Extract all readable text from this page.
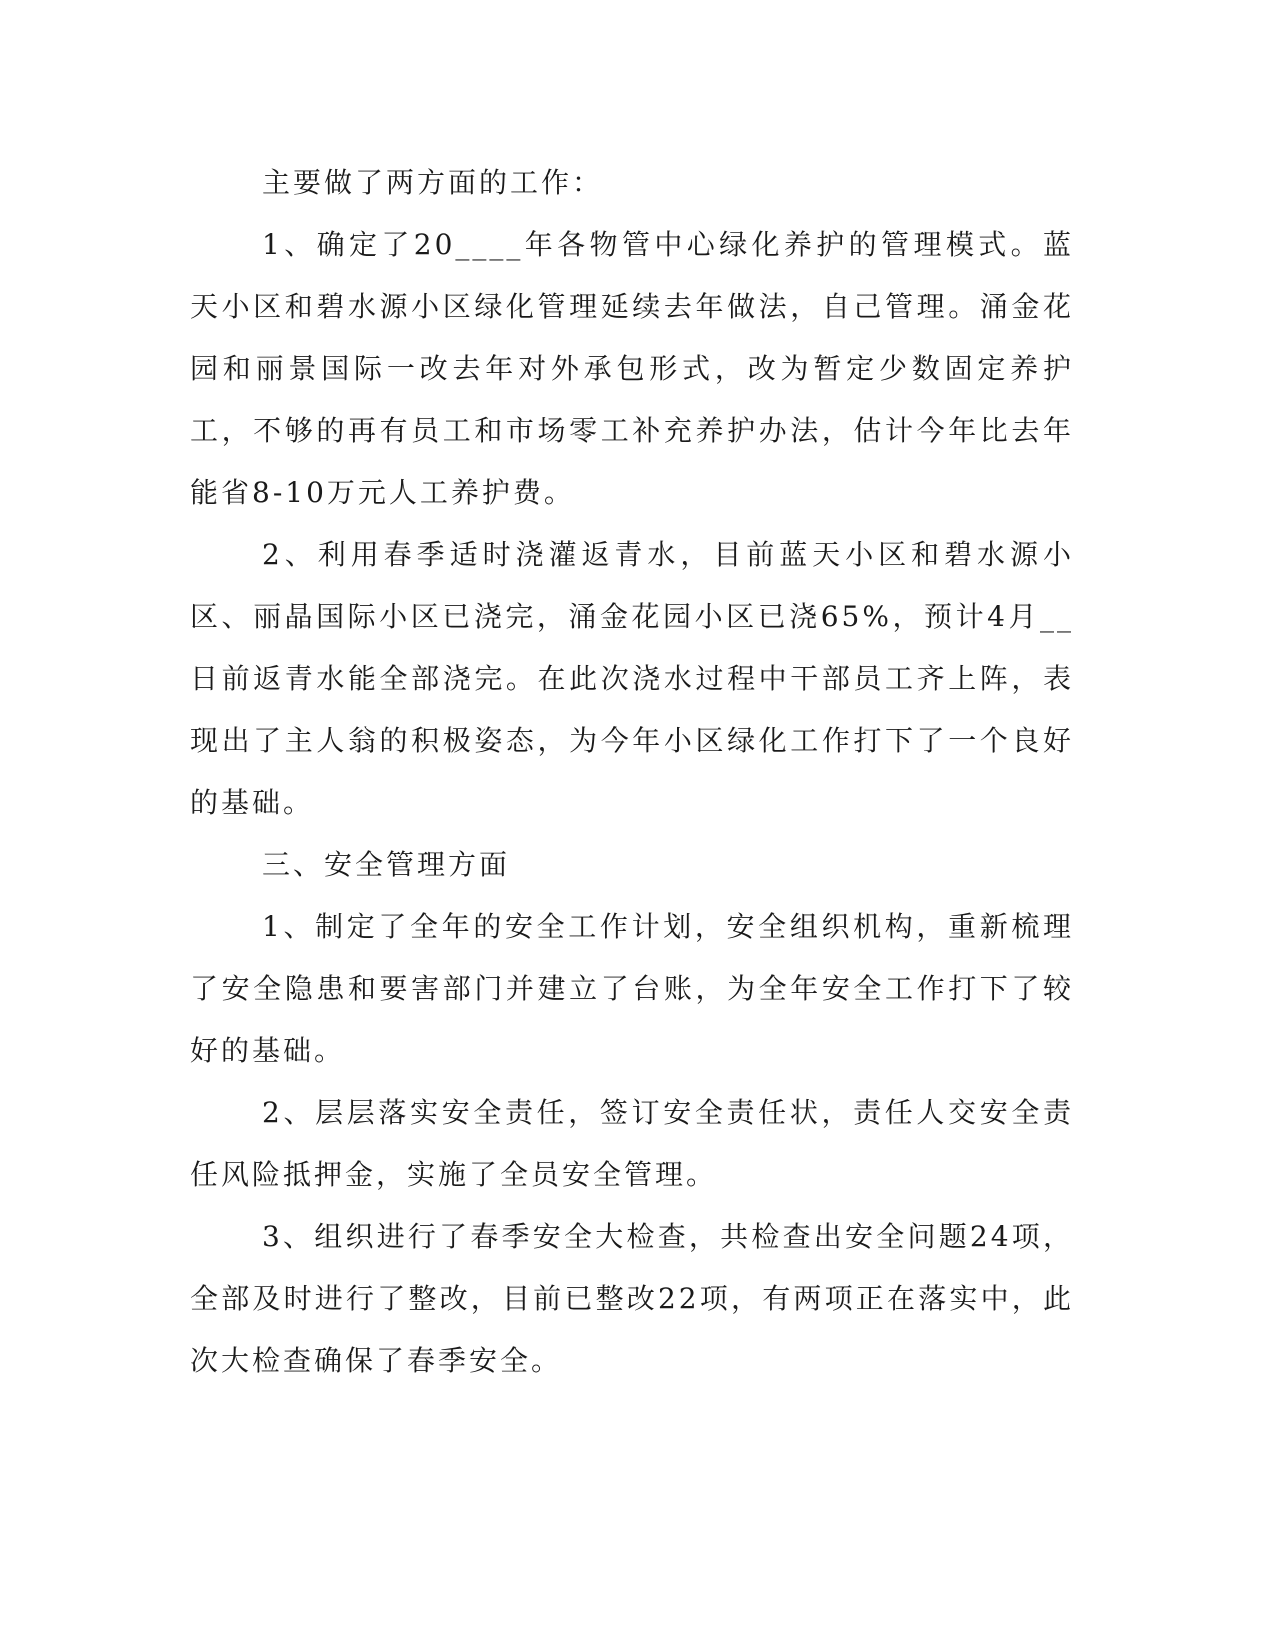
主要做了两方面的工作：

1、确定了20____年各物管中心绿化养护的管理模式。蓝天小区和碧水源小区绿化管理延续去年做法，自己管理。涌金花园和丽景国际一改去年对外承包形式，改为暂定少数固定养护工，不够的再有员工和市场零工补充养护办法，估计今年比去年能省8-10万元人工养护费。

2、利用春季适时浇灌返青水，目前蓝天小区和碧水源小区、丽晶国际小区已浇完，涌金花园小区已浇65%，预计4月__日前返青水能全部浇完。在此次浇水过程中干部员工齐上阵，表现出了主人翁的积极姿态，为今年小区绿化工作打下了一个良好的基础。

三、安全管理方面

1、制定了全年的安全工作计划，安全组织机构，重新梳理了安全隐患和要害部门并建立了台账，为全年安全工作打下了较好的基础。

2、层层落实安全责任，签订安全责任状，责任人交安全责任风险抵押金，实施了全员安全管理。

3、组织进行了春季安全大检查，共检查出安全问题24项，全部及时进行了整改，目前已整改22项，有两项正在落实中，此次大检查确保了春季安全。
